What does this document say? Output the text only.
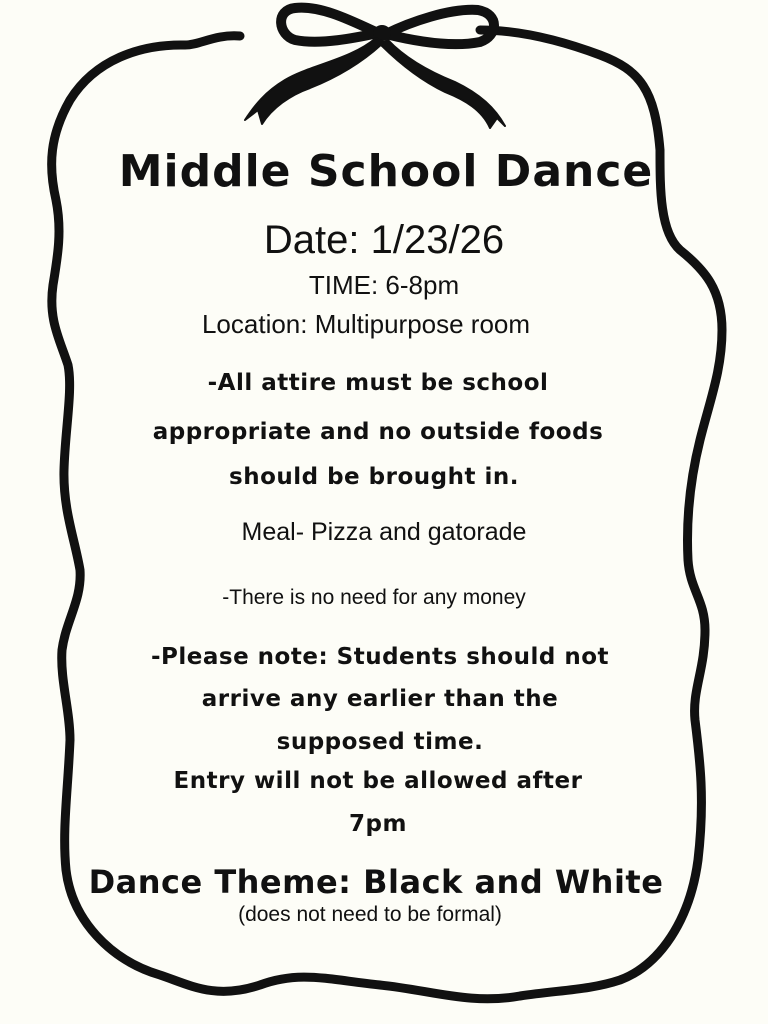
Middle School Dance
Date: 1/23/26
TIME: 6-8pm
Location: Multipurpose room
-All attire must be school
appropriate and no outside foods
should be brought in.
Meal- Pizza and gatorade
-There is no need for any money
-Please note: Students should not
arrive any earlier than the
supposed time.
Entry will not be allowed after
7pm
Dance Theme: Black and White
(does not need to be formal)
